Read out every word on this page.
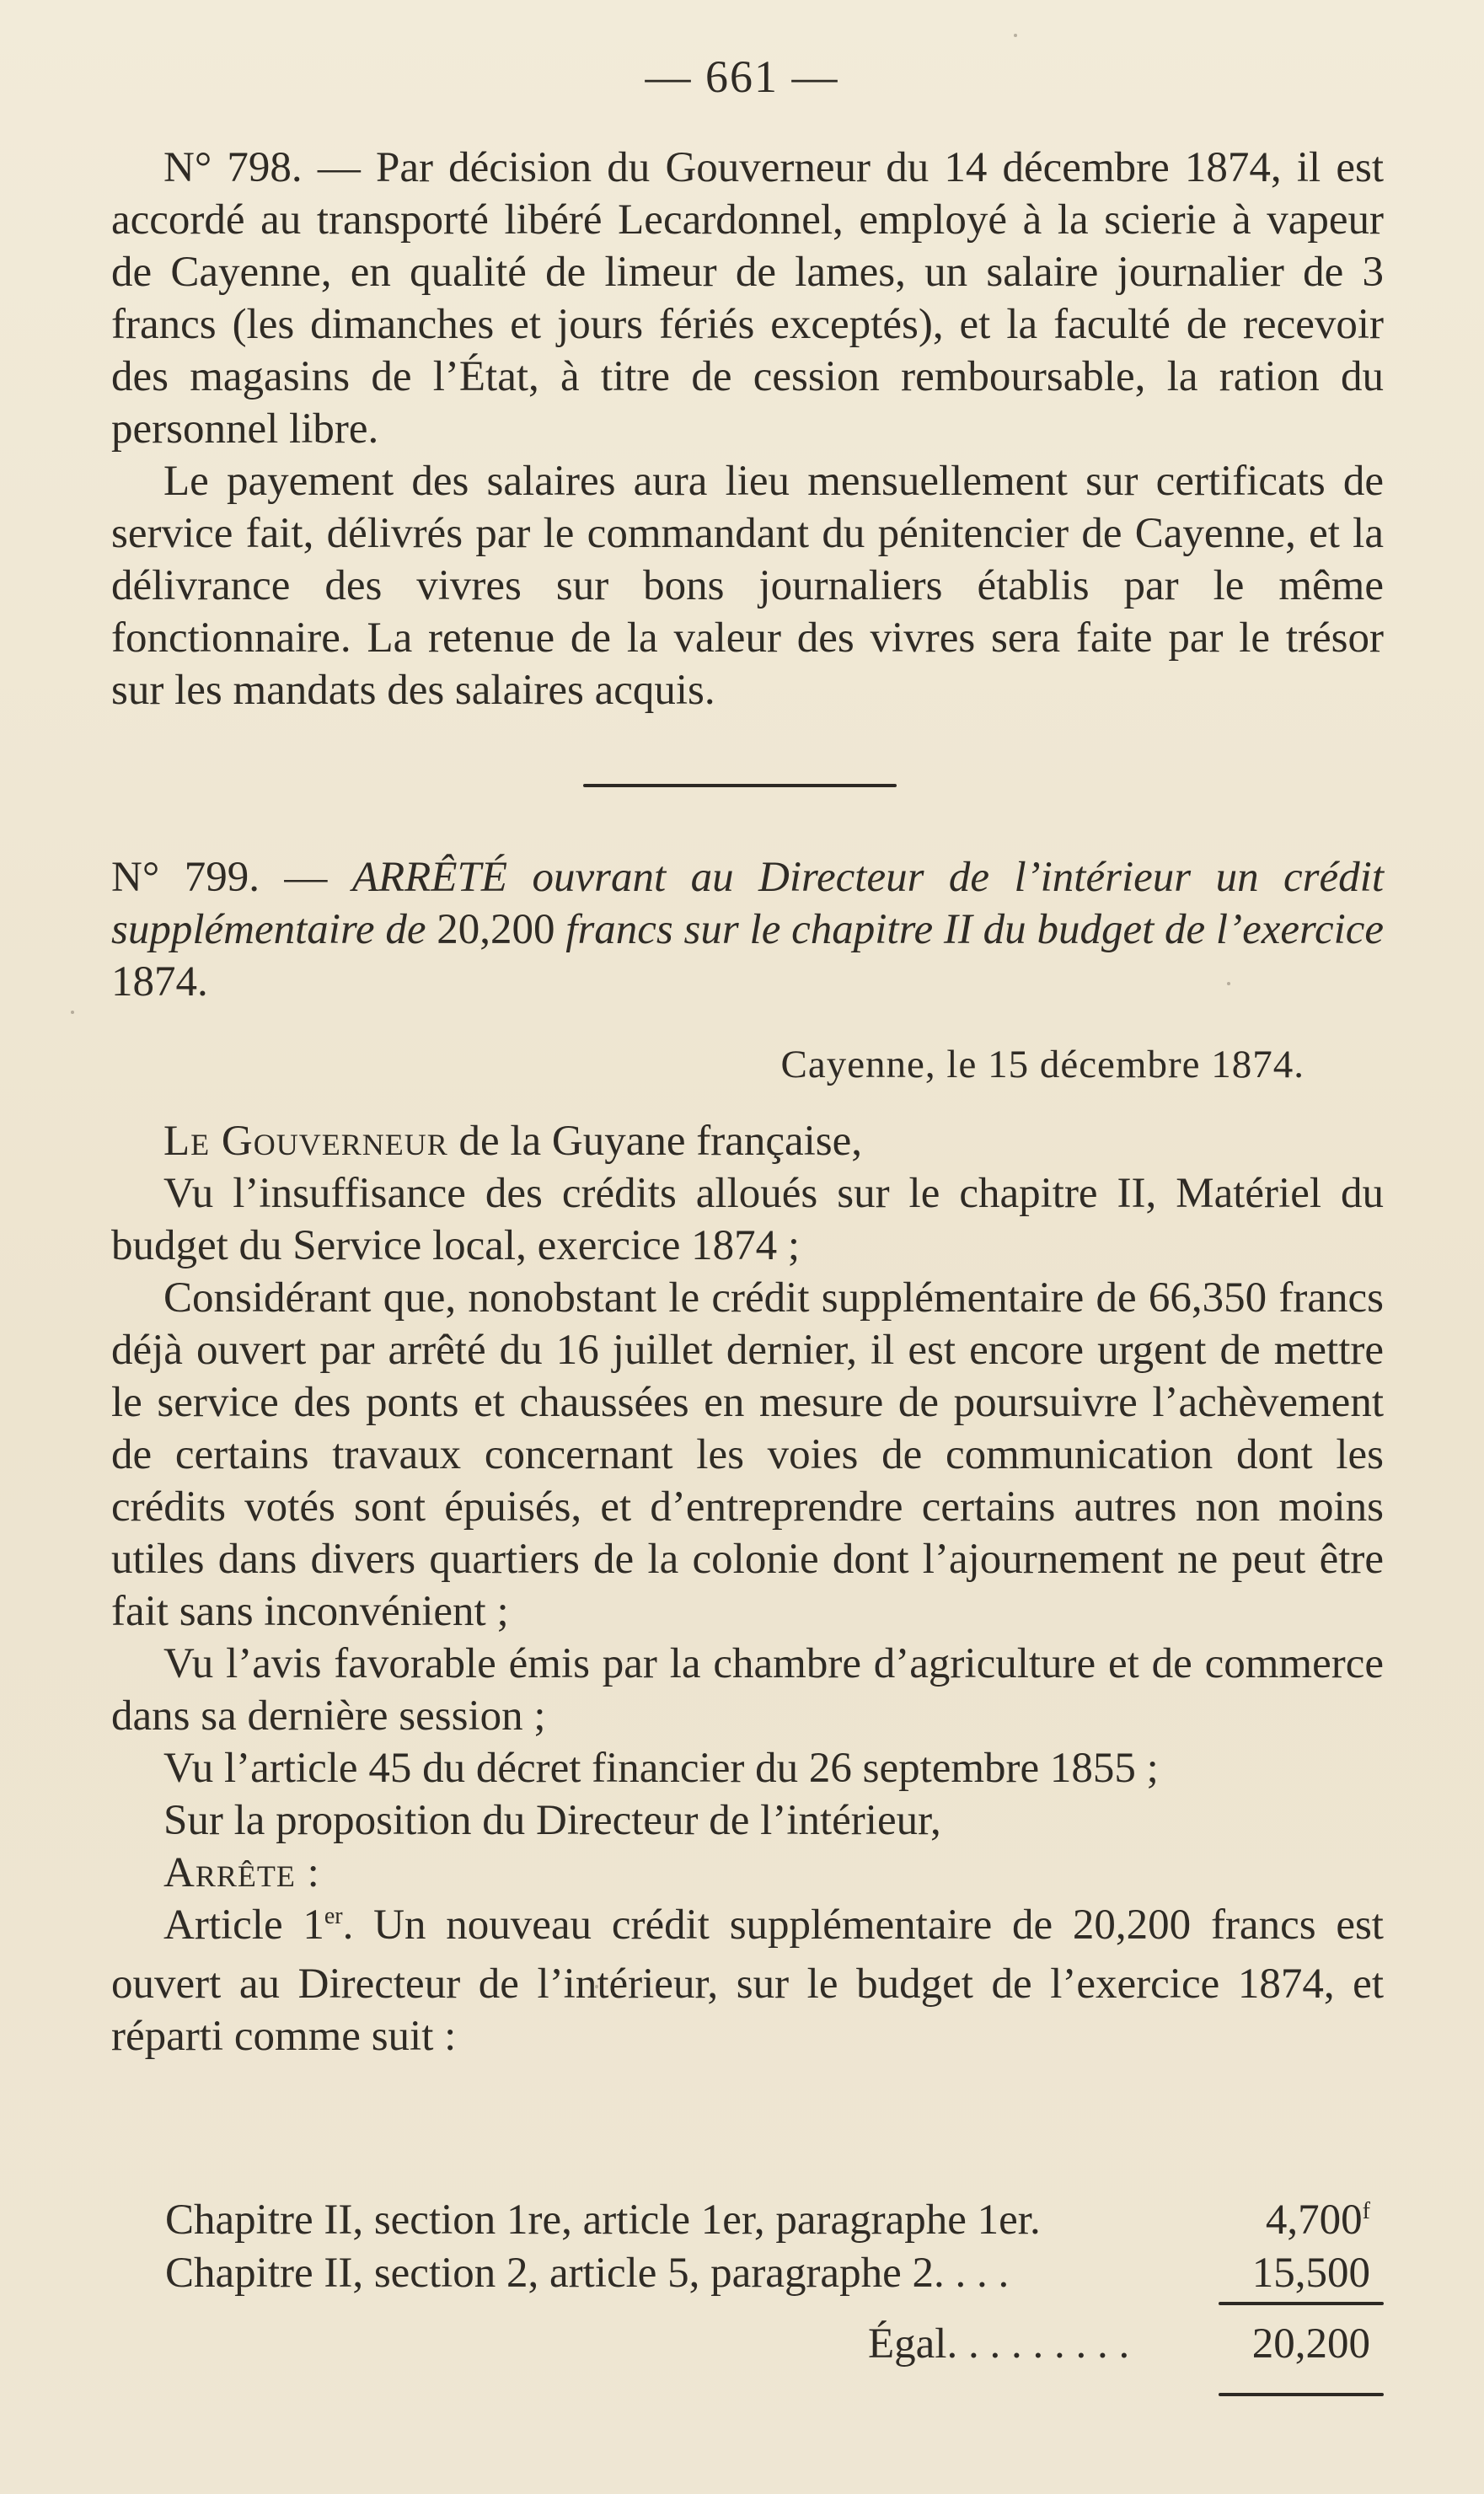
— 661 —

N° 798. — Par décision du Gouverneur du 14 décembre 1874, il est accordé au transporté libéré Lecardonnel, employé à la scierie à vapeur de Cayenne, en qualité de limeur de lames, un salaire journalier de 3 francs (les dimanches et jours fériés exceptés), et la faculté de recevoir des magasins de l’État, à titre de cession remboursable, la ration du personnel libre.

Le payement des salaires aura lieu mensuellement sur certificats de service fait, délivrés par le commandant du pénitencier de Cayenne, et la délivrance des vivres sur bons journaliers établis par le même fonctionnaire. La retenue de la valeur des vivres sera faite par le trésor sur les mandats des salaires acquis.

N° 799. — ARRÊTÉ ouvrant au Directeur de l’intérieur un crédit supplémentaire de 20,200 francs sur le chapitre II du budget de l’exercice 1874.
Cayenne, le 15 décembre 1874.

Le Gouverneur de la Guyane française,

Vu l’insuffisance des crédits alloués sur le chapitre II, Matériel du budget du Service local, exercice 1874 ;

Considérant que, nonobstant le crédit supplémentaire de 66,350 francs déjà ouvert par arrêté du 16 juillet dernier, il est encore urgent de mettre le service des ponts et chaussées en mesure de poursuivre l’achèvement de certains travaux concernant les voies de communication dont les crédits votés sont épuisés, et d’entreprendre certains autres non moins utiles dans divers quartiers de la colonie dont l’ajournement ne peut être fait sans inconvénient ;

Vu l’avis favorable émis par la chambre d’agriculture et de commerce dans sa dernière session ;

Vu l’article 45 du décret financier du 26 septembre 1855 ;

Sur la proposition du Directeur de l’intérieur,

Arrête :

Article 1er. Un nouveau crédit supplémentaire de 20,200 francs est ouvert au Directeur de l’intérieur, sur le budget de l’exercice 1874, et réparti comme suit :

Chapitre II, section 1re, article 1er, paragraphe 1er.	4,700$^f$
Chapitre II, section 2, article 5, paragraphe 2. . . .	15,500
Égal. . . . . . . . .	20,200
